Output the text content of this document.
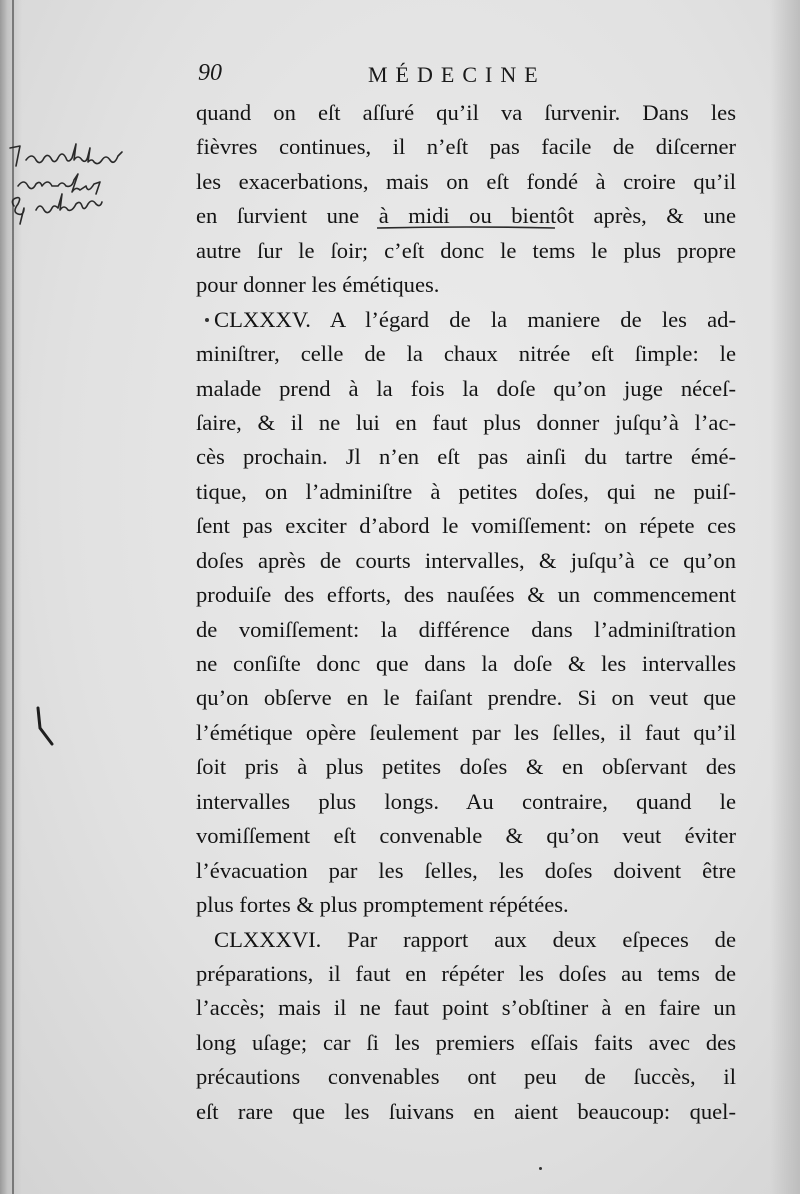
90	MÉDECINE
quand on eſt aſſuré qu’il va ſurvenir. Dans les
fièvres continues, il n’eſt pas facile de diſcerner
les exacerbations, mais on eſt fondé à croire qu’il
en ſurvient une à midi ou bientôt après, & une
autre ſur le ſoir; c’eſt donc le tems le plus propre
pour donner les émétiques.
CLXXXV. A l’égard de la maniere de les ad-
miniſtrer, celle de la chaux nitrée eſt ſimple: le
malade prend à la fois la doſe qu’on juge néceſ-
ſaire, & il ne lui en faut plus donner juſqu’à l’ac-
cès prochain. Jl n’en eſt pas ainſi du tartre émé-
tique, on l’adminiſtre à petites doſes, qui ne puiſ-
ſent pas exciter d’abord le vomiſſement: on répete ces
doſes après de courts intervalles, & juſqu’à ce qu’on
produiſe des efforts, des nauſées & un commencement
de vomiſſement: la différence dans l’adminiſtration
ne conſiſte donc que dans la doſe & les intervalles
qu’on obſerve en le faiſant prendre. Si on veut que
l’émétique opère ſeulement par les ſelles, il faut qu’il
ſoit pris à plus petites doſes & en obſervant des
intervalles plus longs. Au contraire, quand le
vomiſſement eſt convenable & qu’on veut éviter
l’évacuation par les ſelles, les doſes doivent être
plus fortes & plus promptement répétées.
CLXXXVI. Par rapport aux deux eſpeces de
préparations, il faut en répéter les doſes au tems de
l’accès; mais il ne faut point s’obſtiner à en faire un
long uſage; car ſi les premiers eſſais faits avec des
précautions convenables ont peu de ſuccès, il
eſt rare que les ſuivans en aient beaucoup: quel-
